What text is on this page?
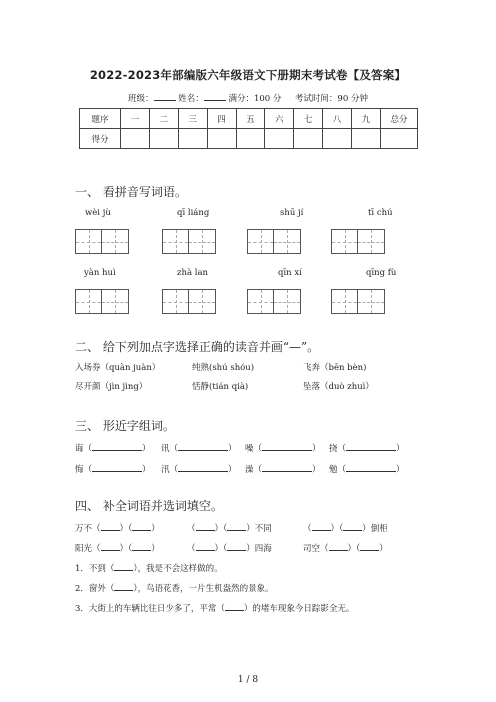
2022-2023年部编版六年级语文下册期末考试卷【及答案】
班级：	姓名：	满分：100 分 考试时间：90 分钟
题序	一	二	三	四	五	六	七	八	九	总分
得分										
一、 看拼音写词语。
wèi jù	qī liáng	shū jí	tī chú
yàn huì	zhà lan	qīn xí	qīng fù
二、 给下列加点字选择正确的读音并画“—”。
入场券（quàn juàn）	纯熟(shú shóu)	飞奔（bēn bèn)
尽开颜（jìn jìng）	恬静(tián qià)	坠落（duò zhuì）
三、 形近字组词。
诲（	） 讯（	） 噪（	） 挠（	）
悔（	） 汛（	） 澡（	） 勉（	）
四、 补全词语并选词填空。
万不（ ）（ ）	（ ）（ ）不同	（ ）（ ）倒柜
阳光（ ）（ ）	（ ）（ ）四海	司空（ ）（ ）
1．不到（ ），我是不会这样做的。
2．窗外（ ），鸟语花香，一片生机盎然的景象。
3．大街上的车辆比往日少多了，平常（ ）的堵车现象今日踪影全无。
1 / 8
